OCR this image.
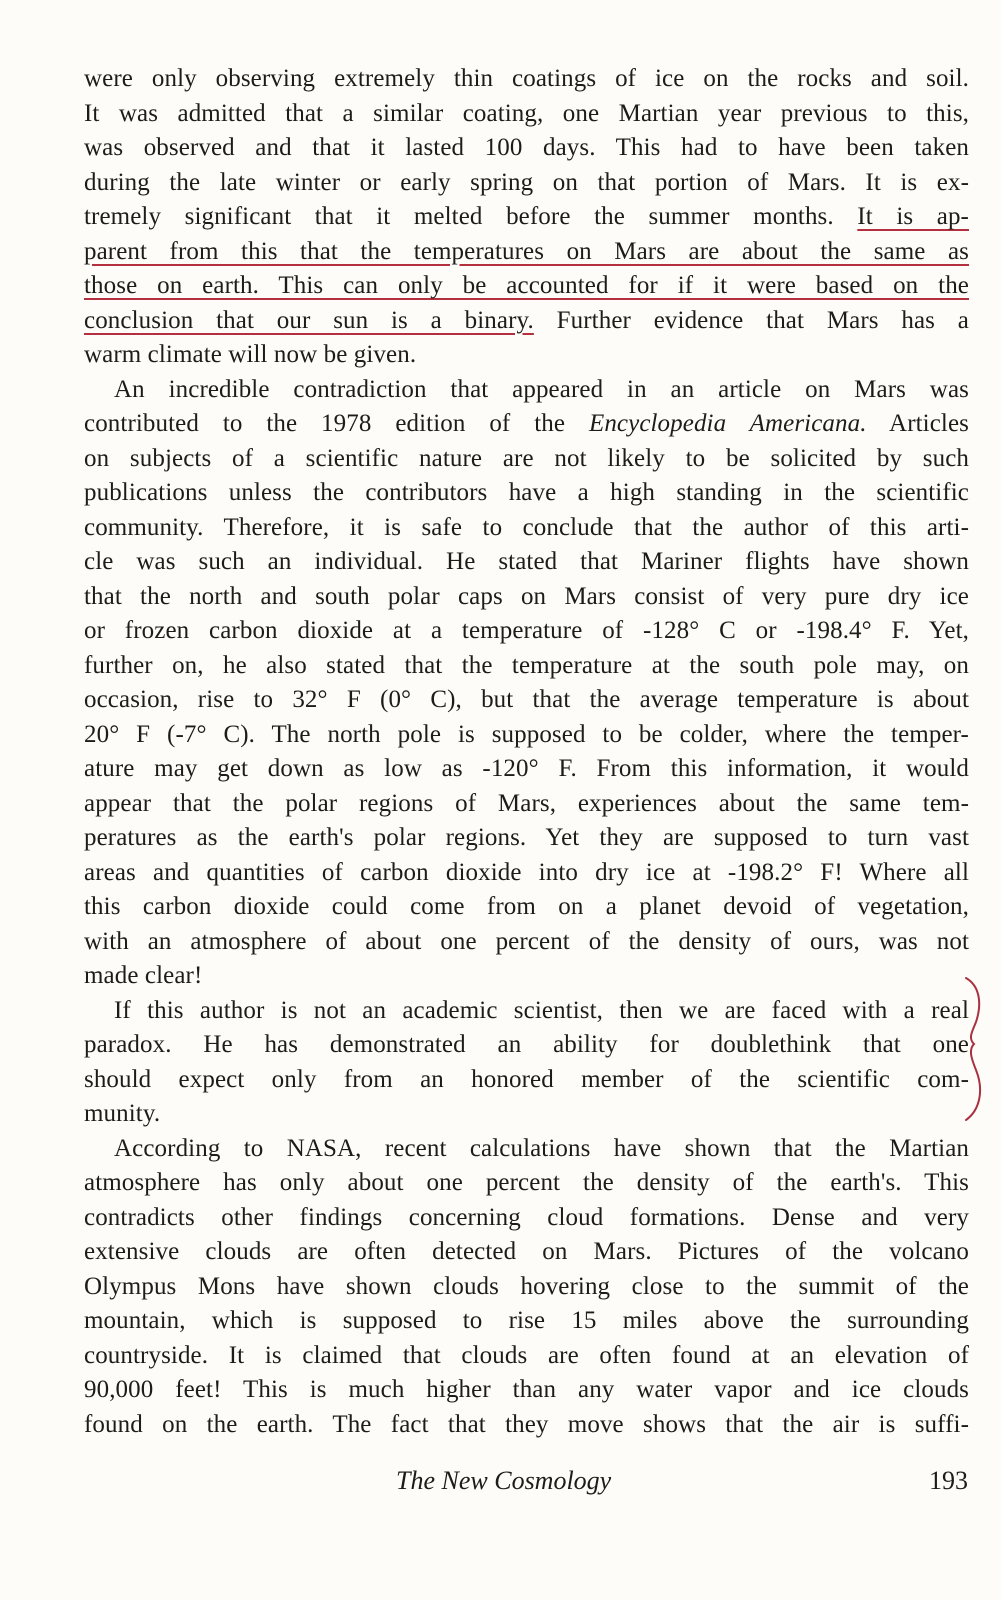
were only observing extremely thin coatings of ice on the rocks and soil.
It was admitted that a similar coating, one Martian year previous to this,
was observed and that it lasted 100 days. This had to have been taken
during the late winter or early spring on that portion of Mars. It is ex-
tremely significant that it melted before the summer months. It is ap-
parent from this that the temperatures on Mars are about the same as
those on earth. This can only be accounted for if it were based on the
conclusion that our sun is a binary. Further evidence that Mars has a
warm climate will now be given.
An incredible contradiction that appeared in an article on Mars was
contributed to the 1978 edition of the Encyclopedia Americana. Articles
on subjects of a scientific nature are not likely to be solicited by such
publications unless the contributors have a high standing in the scientific
community. Therefore, it is safe to conclude that the author of this arti-
cle was such an individual. He stated that Mariner flights have shown
that the north and south polar caps on Mars consist of very pure dry ice
or frozen carbon dioxide at a temperature of -128° C or -198.4° F. Yet,
further on, he also stated that the temperature at the south pole may, on
occasion, rise to 32° F (0° C), but that the average temperature is about
20° F (-7° C). The north pole is supposed to be colder, where the temper-
ature may get down as low as -120° F. From this information, it would
appear that the polar regions of Mars, experiences about the same tem-
peratures as the earth's polar regions. Yet they are supposed to turn vast
areas and quantities of carbon dioxide into dry ice at -198.2° F! Where all
this carbon dioxide could come from on a planet devoid of vegetation,
with an atmosphere of about one percent of the density of ours, was not
made clear!
If this author is not an academic scientist, then we are faced with a real
paradox. He has demonstrated an ability for doublethink that one
should expect only from an honored member of the scientific com-
munity.
According to NASA, recent calculations have shown that the Martian
atmosphere has only about one percent the density of the earth's. This
contradicts other findings concerning cloud formations. Dense and very
extensive clouds are often detected on Mars. Pictures of the volcano
Olympus Mons have shown clouds hovering close to the summit of the
mountain, which is supposed to rise 15 miles above the surrounding
countryside. It is claimed that clouds are often found at an elevation of
90,000 feet! This is much higher than any water vapor and ice clouds
found on the earth. The fact that they move shows that the air is suffi-
The New Cosmology	193
